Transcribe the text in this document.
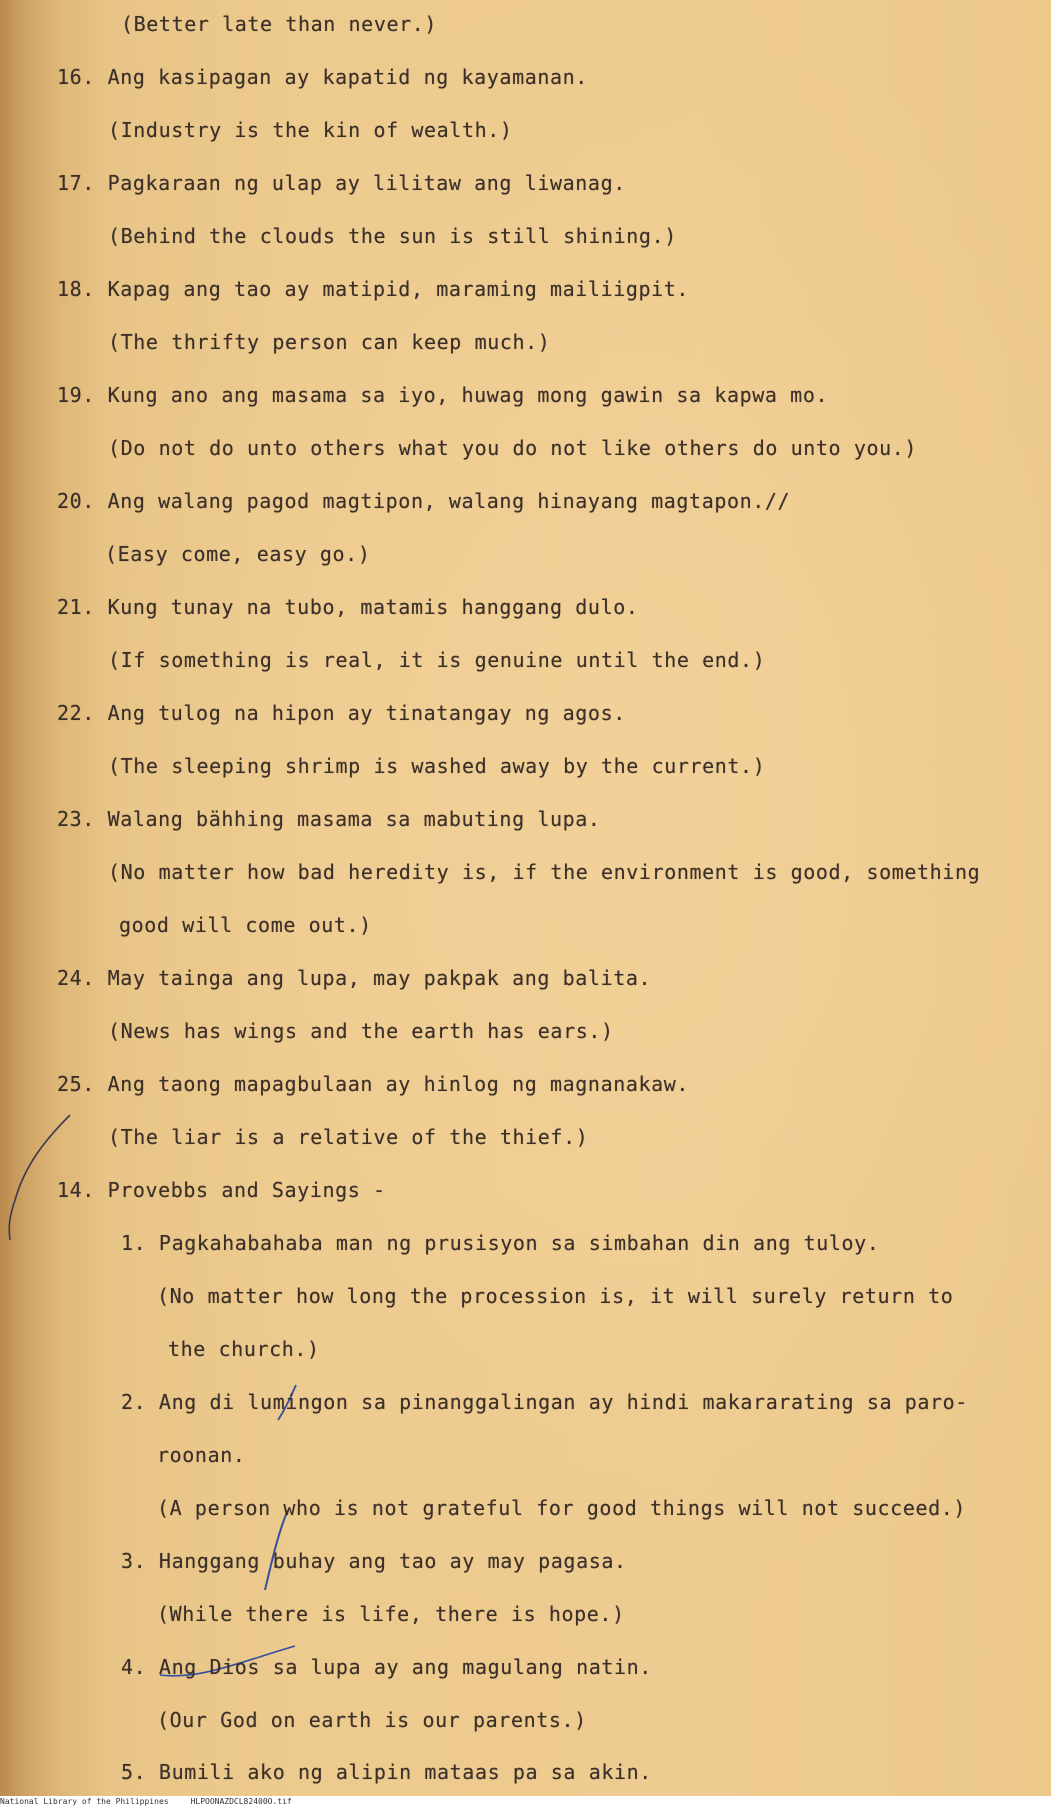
(Better late than never.)
16. Ang kasipagan ay kapatid ng kayamanan.
(Industry is the kin of wealth.)
17. Pagkaraan ng ulap ay lilitaw ang liwanag.
(Behind the clouds the sun is still shining.)
18. Kapag ang tao ay matipid, maraming mailiigpit.
(The thrifty person can keep much.)
19. Kung ano ang masama sa iyo, huwag mong gawin sa kapwa mo.
(Do not do unto others what you do not like others do unto you.)
20. Ang walang pagod magtipon, walang hinayang magtapon.//
(Easy come, easy go.)
21. Kung tunay na tubo, matamis hanggang dulo.
(If something is real, it is genuine until the end.)
22. Ang tulog na hipon ay tinatangay ng agos.
(The sleeping shrimp is washed away by the current.)
23. Walang bähhing masama sa mabuting lupa.
(No matter how bad heredity is, if the environment is good, something
good will come out.)
24. May tainga ang lupa, may pakpak ang balita.
(News has wings and the earth has ears.)
25. Ang taong mapagbulaan ay hinlog ng magnanakaw.
(The liar is a relative of the thief.)
14. Provebbs and Sayings -
1. Pagkahabahaba man ng prusisyon sa simbahan din ang tuloy.
(No matter how long the procession is, it will surely return to
the church.)
2. Ang di lumingon sa pinanggalingan ay hindi makararating sa paro-
roonan.
(A person who is not grateful for good things will not succeed.)
3. Hanggang buhay ang tao ay may pagasa.
(While there is life, there is hope.)
4. Ang Dios sa lupa ay ang magulang natin.
(Our God on earth is our parents.)
5. Bumili ako ng alipin mataas pa sa akin.
National Library of the Philippines	HLPOONAZDCL82400O.tif
